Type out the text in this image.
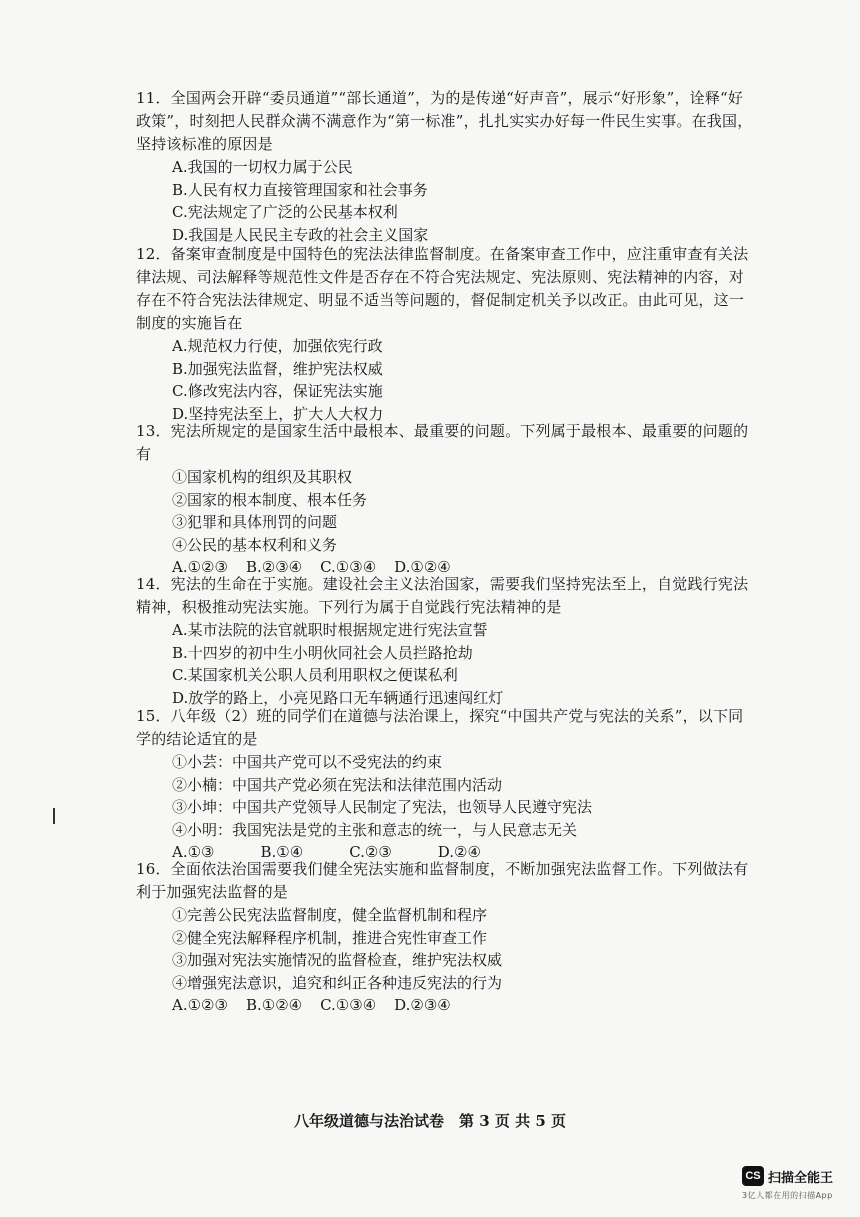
11．全国两会开辟“委员通道”“部长通道”，为的是传递“好声音”，展示“好形象”，诠释“好政策”，时刻把人民群众满不满意作为“第一标准”，扎扎实实办好每一件民生实事。在我国，坚持该标准的原因是

A.我国的一切权力属于公民

B.人民有权力直接管理国家和社会事务

C.宪法规定了广泛的公民基本权利

D.我国是人民民主专政的社会主义国家

12．备案审查制度是中国特色的宪法法律监督制度。在备案审查工作中，应注重审查有关法律法规、司法解释等规范性文件是否存在不符合宪法规定、宪法原则、宪法精神的内容，对存在不符合宪法法律规定、明显不适当等问题的，督促制定机关予以改正。由此可见，这一制度的实施旨在

A.规范权力行使，加强依宪行政

B.加强宪法监督，维护宪法权威

C.修改宪法内容，保证宪法实施

D.坚持宪法至上，扩大人大权力

13．宪法所规定的是国家生活中最根本、最重要的问题。下列属于最根本、最重要的问题的有

①国家机构的组织及其职权

②国家的根本制度、根本任务

③犯罪和具体刑罚的问题

④公民的基本权利和义务

A.①②③ B.②③④ C.①③④ D.①②④

14．宪法的生命在于实施。建设社会主义法治国家，需要我们坚持宪法至上，自觉践行宪法精神，积极推动宪法实施。下列行为属于自觉践行宪法精神的是

A.某市法院的法官就职时根据规定进行宪法宣誓

B.十四岁的初中生小明伙同社会人员拦路抢劫

C.某国家机关公职人员利用职权之便谋私利

D.放学的路上，小亮见路口无车辆通行迅速闯红灯

15．八年级（2）班的同学们在道德与法治课上，探究“中国共产党与宪法的关系”，以下同学的结论适宜的是

①小芸：中国共产党可以不受宪法的约束

②小楠：中国共产党必须在宪法和法律范围内活动

③小坤：中国共产党领导人民制定了宪法，也领导人民遵守宪法

④小明：我国宪法是党的主张和意志的统一，与人民意志无关

A.①③	B.①④	C.②③	D.②④

16．全面依法治国需要我们健全宪法实施和监督制度，不断加强宪法监督工作。下列做法有利于加强宪法监督的是

①完善公民宪法监督制度，健全监督机制和程序

②健全宪法解释程序机制，推进合宪性审查工作

③加强对宪法实施情况的监督检查，维护宪法权威

④增强宪法意识，追究和纠正各种违反宪法的行为

A.①②③ B.①②④ C.①③④ D.②③④

八年级道德与法治试卷　第 3 页 共 5 页
CS 扫描全能王
3亿人都在用的扫描App
